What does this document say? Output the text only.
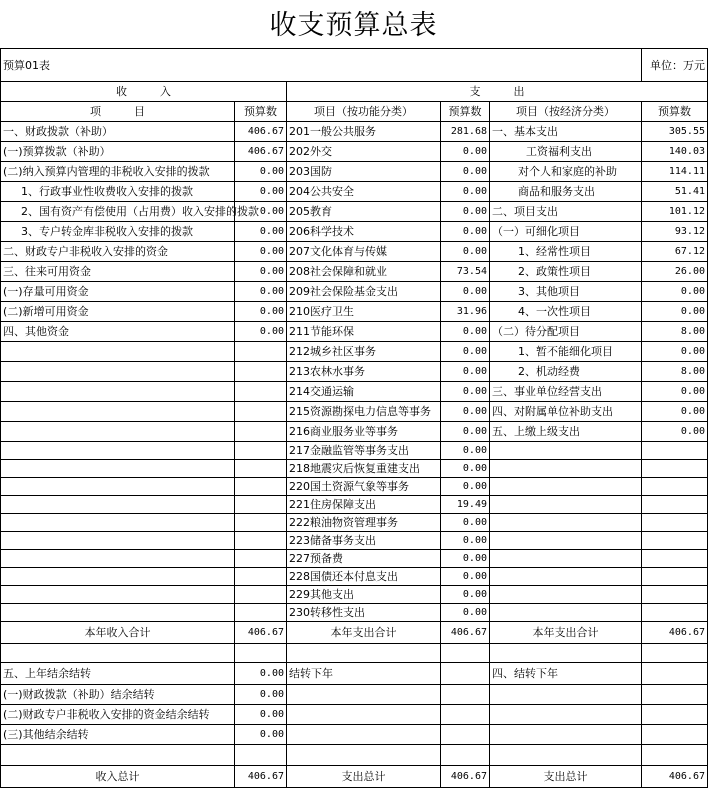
收支预算总表
预算01表					单位：万元
收　　　入		支　　　出			
项　　　目	预算数	项目（按功能分类）	预算数	项目（按经济分类）	预算数
一、财政拨款（补助）	406.67	201一般公共服务	281.68	一、基本支出	305.55
(一)预算拨款（补助）	406.67	202外交	0.00	工资福利支出	140.03
(二)纳入预算内管理的非税收入安排的拨款	0.00	203国防	0.00	对个人和家庭的补助	114.11
1、行政事业性收费收入安排的拨款	0.00	204公共安全	0.00	商品和服务支出	51.41
2、国有资产有偿使用（占用费）收入安排的拨款	0.00	205教育	0.00	二、项目支出	101.12
3、专户转金库非税收入安排的拨款	0.00	206科学技术	0.00	（一）可细化项目	93.12
二、财政专户非税收入安排的资金	0.00	207文化体育与传媒	0.00	1、经常性项目	67.12
三、往来可用资金	0.00	208社会保障和就业	73.54	2、政策性项目	26.00
(一)存量可用资金	0.00	209社会保险基金支出	0.00	3、其他项目	0.00
(二)新增可用资金	0.00	210医疗卫生	31.96	4、一次性项目	0.00
四、其他资金	0.00	211节能环保	0.00	（二）待分配项目	8.00
		212城乡社区事务	0.00	1、暂不能细化项目	0.00
		213农林水事务	0.00	2、机动经费	8.00
		214交通运输	0.00	三、事业单位经营支出	0.00
		215资源勘探电力信息等事务	0.00	四、对附属单位补助支出	0.00
		216商业服务业等事务	0.00	五、上缴上级支出	0.00
		217金融监管等事务支出	0.00		
		218地震灾后恢复重建支出	0.00		
		220国土资源气象等事务	0.00		
		221住房保障支出	19.49		
		222粮油物资管理事务	0.00		
		223储备事务支出	0.00		
		227预备费	0.00		
		228国债还本付息支出	0.00		
		229其他支出	0.00		
		230转移性支出	0.00		
本年收入合计	406.67	本年支出合计	406.67	本年支出合计	406.67

五、上年结余结转	0.00	结转下年		四、结转下年	
(一)财政拨款（补助）结余结转	0.00				
(二)财政专户非税收入安排的资金结余结转	0.00				
(三)其他结余结转	0.00				

收入总计	406.67	支出总计	406.67	支出总计	406.67
